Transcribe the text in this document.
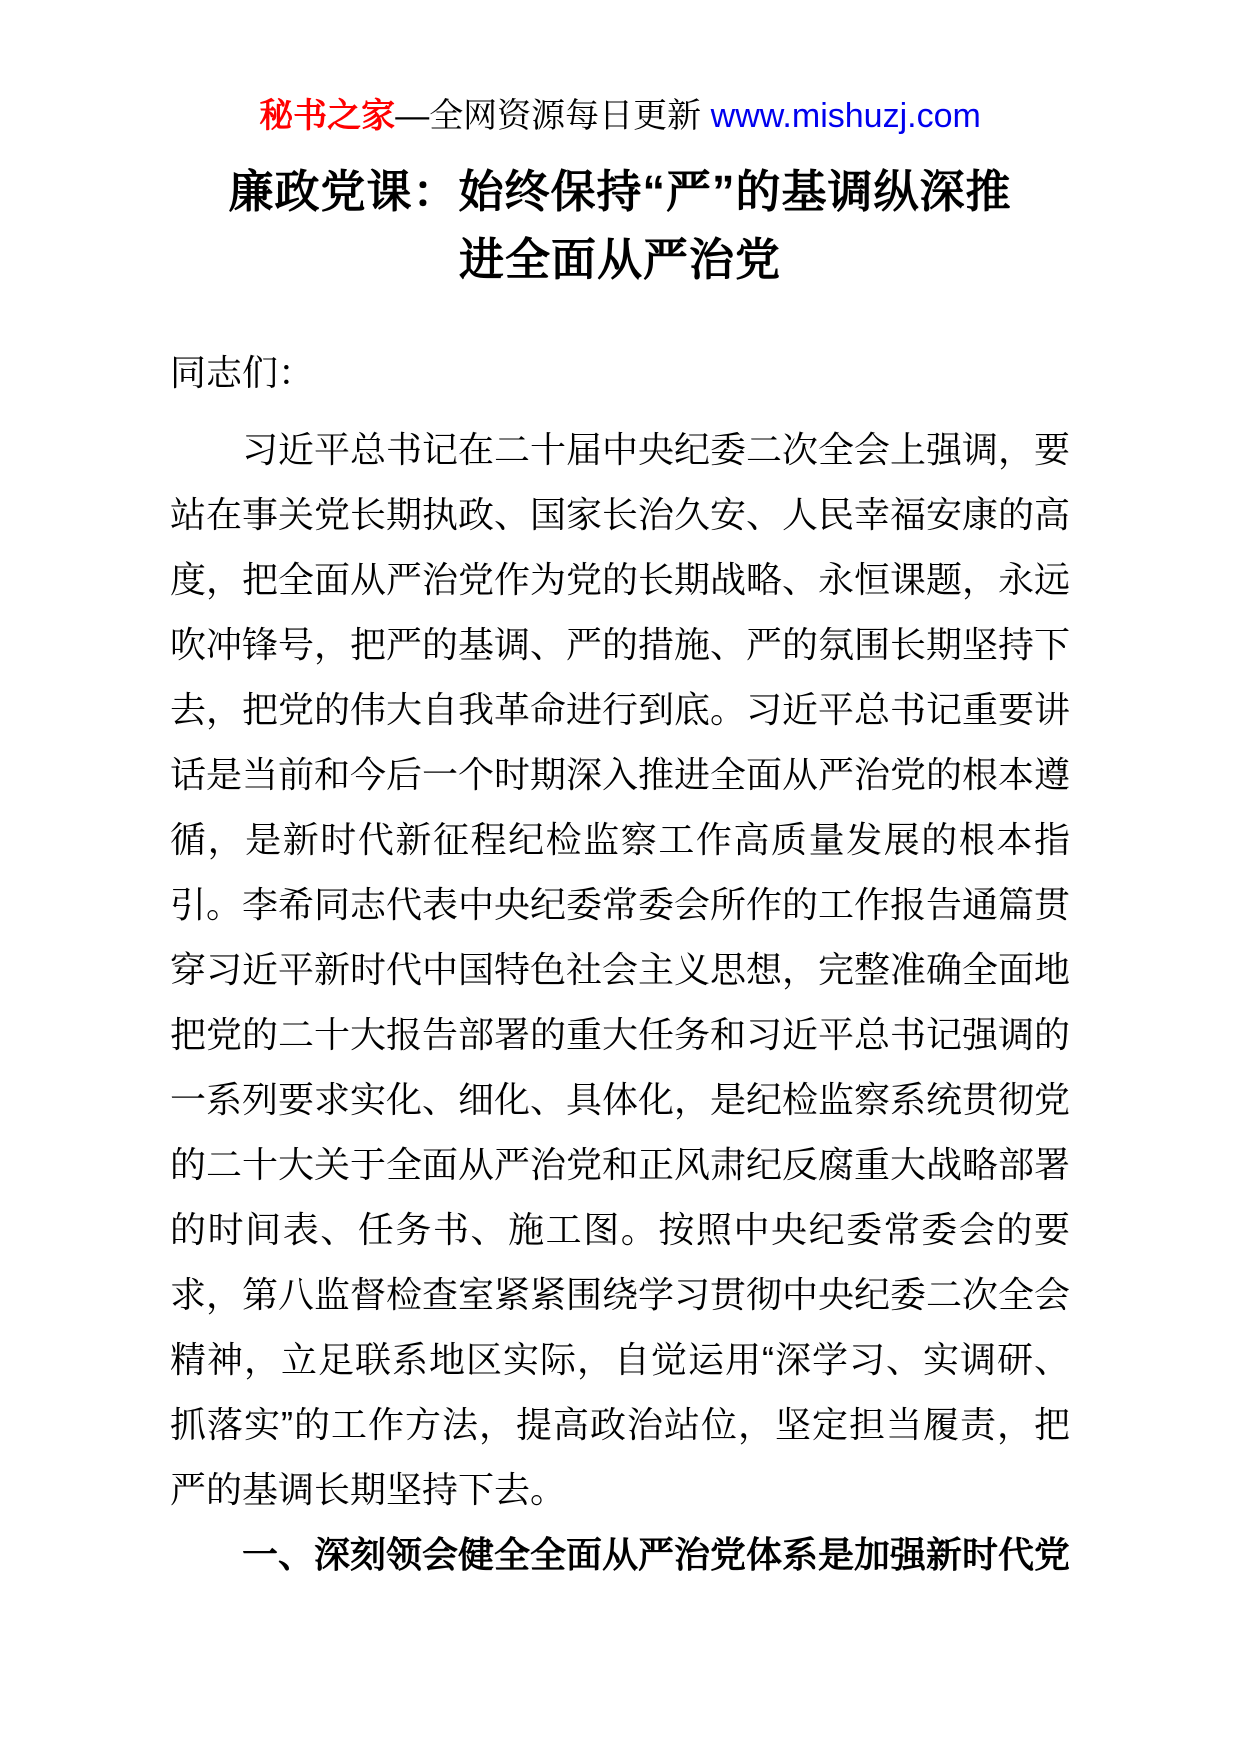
秘书之家—全网资源每日更新 www.mishuzj.com
廉政党课：始终保持“严”的基调纵深推
进全面从严治党
同志们：
习近平总书记在二十届中央纪委二次全会上强调，要
站在事关党长期执政、国家长治久安、人民幸福安康的高
度，把全面从严治党作为党的长期战略、永恒课题，永远
吹冲锋号，把严的基调、严的措施、严的氛围长期坚持下
去，把党的伟大自我革命进行到底。习近平总书记重要讲
话是当前和今后一个时期深入推进全面从严治党的根本遵
循，是新时代新征程纪检监察工作高质量发展的根本指
引。李希同志代表中央纪委常委会所作的工作报告通篇贯
穿习近平新时代中国特色社会主义思想，完整准确全面地
把党的二十大报告部署的重大任务和习近平总书记强调的
一系列要求实化、细化、具体化，是纪检监察系统贯彻党
的二十大关于全面从严治党和正风肃纪反腐重大战略部署
的时间表、任务书、施工图。按照中央纪委常委会的要
求，第八监督检查室紧紧围绕学习贯彻中央纪委二次全会
精神，立足联系地区实际，自觉运用“深学习、实调研、
抓落实”的工作方法，提高政治站位，坚定担当履责，把
严的基调长期坚持下去。
一、深刻领会健全全面从严治党体系是加强新时代党
